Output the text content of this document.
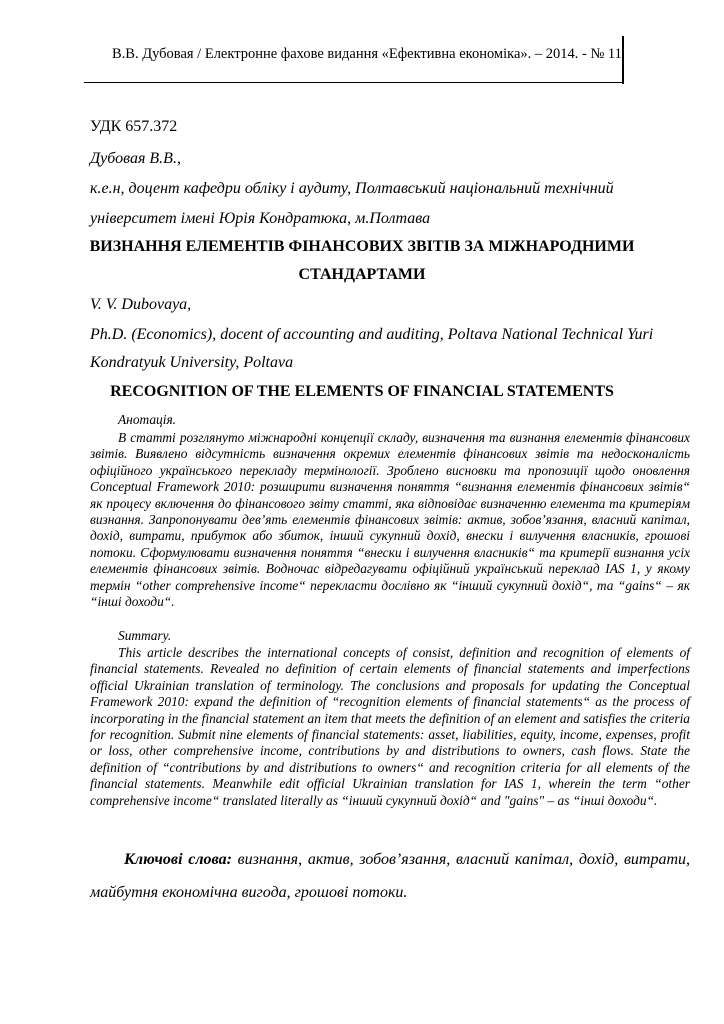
В.В. Дубовая / Електронне фахове видання «Ефективна економіка». – 2014. - № 11
УДК 657.372
Дубовая В.В.,
к.е.н, доцент кафедри обліку і аудиту, Полтавський національний технічний
університет імені Юрія Кондратюка, м.Полтава
ВИЗНАННЯ ЕЛЕМЕНТІВ ФІНАНСОВИХ ЗВІТІВ ЗА МІЖНАРОДНИМИ
СТАНДАРТАМИ
V. V. Dubovaya,
Ph.D. (Economics), docent of accounting and auditing, Poltava National Technical Yuri
Kondratyuk University, Poltava
RECOGNITION OF THE ELEMENTS OF FINANCIAL STATEMENTS
Анотація.

В статті розглянуто міжнародні концепції складу, визначення та визнання елементів фінансових звітів. Виявлено відсутність визначення окремих елементів фінансових звітів та недосконалість офіційного українського перекладу термінології. Зроблено висновки та пропозиції щодо оновлення Conceptual Framework 2010: розширити визначення поняття “визнання елементів фінансових звітів“ як процесу включення до фінансового звіту статті, яка відповідає визначенню елемента та критеріям визнання. Запропонувати дев’ять елементів фінансових звітів: актив, зобов’язання, власний капітал, дохід, витрати, прибуток або збиток, інший сукупний дохід, внески і вилучення власників, грошові потоки. Сформулювати визначення поняття “внески і вилучення власників“ та критерії визнання усіх елементів фінансових звітів. Водночас відредагувати офіційний український переклад IAS 1, у якому термін “other comprehensive income“ перекласти дослівно як “інший сукупний дохід“, та “gains“ – як “інші доходи“.

Summary.

This article describes the international concepts of consist, definition and recognition of elements of financial statements. Revealed no definition of certain elements of financial statements and imperfections official Ukrainian translation of terminology. The conclusions and proposals for updating the Conceptual Framework 2010: expand the definition of “recognition elements of financial statements“ as the process of incorporating in the financial statement an item that meets the definition of an element and satisfies the criteria for recognition. Submit nine elements of financial statements: asset, liabilities, equity, income, expenses, profit or loss, other comprehensive income, contributions by and distributions to owners, cash flows. State the definition of “contributions by and distributions to owners“ and recognition criteria for all elements of the financial statements. Meanwhile edit official Ukrainian translation for IAS 1, wherein the term “other comprehensive income“ translated literally as “інший сукупний дохід“ and "gains" – as “інші доходи“.

Ключові слова: визнання, актив, зобов’язання, власний капітал, дохід, витрати, майбутня економічна вигода, грошові потоки.
